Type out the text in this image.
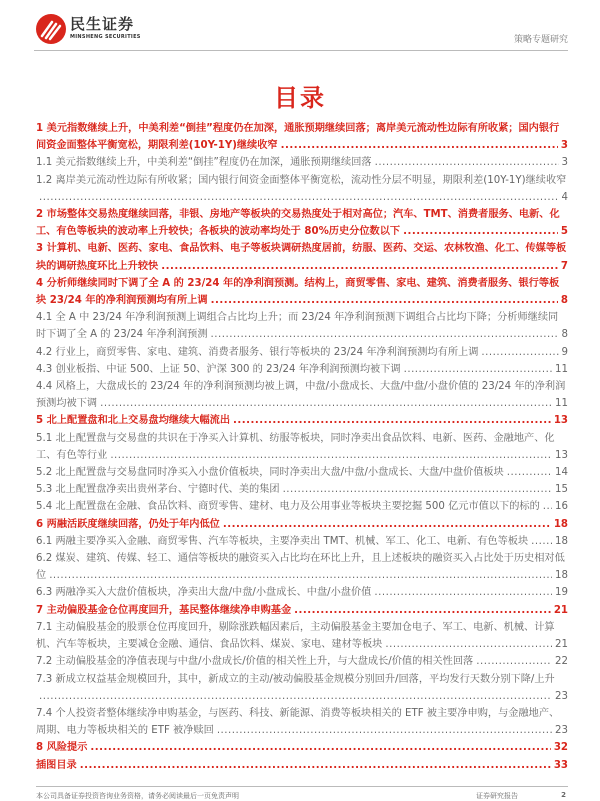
民生证券
MINSHENG SECURITIES	策略专题研究
目录
1 美元指数继续上升，中美利差“倒挂”程度仍在加深，通胀预期继续回落；离岸美元流动性边际有所收紧；国内银行间资金面整体平衡宽松，期限利差(10Y-1Y)继续收窄 .....	3
1.1 美元指数继续上升，中美利差“倒挂”程度仍在加深，通胀预期继续回落 .....	3
1.2 离岸美元流动性边际有所收紧；国内银行间资金面整体平衡宽松，流动性分层不明显，期限利差(10Y-1Y)继续收窄 .....
4
2 市场整体交易热度继续回落，非银、房地产等板块的交易热度处于相对高位；汽车、TMT、消费者服务、电新、化工、有色等板块的波动率上升较快；各板块的波动率均处于 80%历史分位数以下 .....	5
3 计算机、电新、医药、家电、食品饮料、电子等板块调研热度居前，纺服、医药、交运、农林牧渔、化工、传媒等板块的调研热度环比上升较快 .....	7
4 分析师继续同时下调了全 A 的 23/24 年的净利润预测。结构上，商贸零售、家电、建筑、消费者服务、银行等板块 23/24 年的净利润预测均有所上调 .....	8
4.1 全 A 中 23/24 年净利润预测上调组合占比均上升；而 23/24 年净利润预测下调组合占比均下降；分析师继续同时下调了全 A 的 23/24 年净利润预测 .....	8
4.2 行业上，商贸零售、家电、建筑、消费者服务、银行等板块的 23/24 年净利润预测均有所上调 .....	9
4.3 创业板指、中证 500、上证 50、沪深 300 的 23/24 年净利润预测均被下调 .....	11
4.4 风格上，大盘成长的 23/24 年的净利润预测均被上调，中盘/小盘成长、大盘/中盘/小盘价值的 23/24 年的净利润预测均被下调 .....	11
5 北上配置盘和北上交易盘均继续大幅流出 .....	13
5.1 北上配置盘与交易盘的共识在于净买入计算机、纺服等板块，同时净卖出食品饮料、电新、医药、金融地产、化工、有色等行业 .....	13
5.2 北上配置盘与交易盘同时净买入小盘价值板块，同时净卖出大盘/中盘/小盘成长、大盘/中盘价值板块 .....	14
5.3 北上配置盘净卖出贵州茅台、宁德时代、美的集团 .....	15
5.4 北上配置盘在金融、食品饮料、商贸零售、建材、电力及公用事业等板块主要挖掘 500 亿元市值以下的标的 ..... 16
6 两融活跃度继续回落，仍处于年内低位 .....	18
6.1 两融主要净买入金融、商贸零售、汽车等板块，主要净卖出 TMT、机械、军工、化工、电新、有色等板块 .....	18
6.2 煤炭、建筑、传媒、轻工、通信等板块的融资买入占比均在环比上升，且上述板块的融资买入占比处于历史相对低位 .....	18
6.3 两融净买入大盘价值板块，净卖出大盘/中盘/小盘成长、中盘/小盘价值 .....	19
7 主动偏股基金仓位再度回升，基民整体继续净申购基金 .....	21
7.1 主动偏股基金的股票仓位再度回升，剔除涨跌幅因素后，主动偏股基金主要加仓电子、军工、电新、机械、计算机、汽车等板块，主要减仓金融、通信、食品饮料、煤炭、家电、建材等板块 .....	21
7.2 主动偏股基金的净值表现与中盘/小盘成长/价值的相关性上升，与大盘成长/价值的相关性回落 .....	22
7.3 新成立权益基金规模回升，其中，新成立的主动/被动偏股基金规模分别回升/回落，平均发行天数分别下降/上升 .....
23
7.4 个人投资者整体继续净申购基金，与医药、科技、新能源、消费等板块相关的 ETF 被主要净申购，与金融地产、周期、电力等板块相关的 ETF 被净赎回 .....	23
8 风险提示 .....	32
插图目录 .....	33
本公司具备证券投资咨询业务资格，请务必阅读最后一页免责声明	证券研究报告	2
